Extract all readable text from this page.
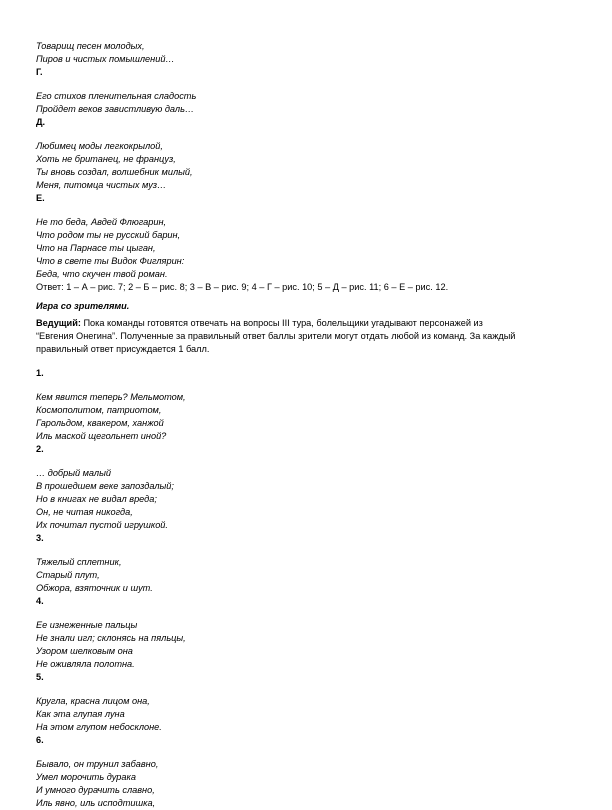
Товарищ песен молодых,
Пиров и чистых помышлений…
Г.
Его стихов пленительная сладость
Пройдет веков завистливую даль…
Д.
Любимец моды легкокрылой,
Хоть не британец, не француз,
Ты вновь создал, волшебник милый,
Меня, питомца чистых муз…
Е.
Не то беда, Авдей Флюгарин,
Что родом ты не русский барин,
Что на Парнасе ты цыган,
Что в свете ты Видок Фиглярин:
Беда, что скучен твой роман.
Ответ: 1 – А – рис. 7; 2 – Б – рис. 8; 3 – В – рис. 9; 4 – Г – рис. 10; 5 – Д – рис. 11; 6 – Е – рис. 12.
Игра со зрителями.
Ведущий: Пока команды готовятся отвечать на вопросы III тура, болельщики угадывают персонажей из
“Евгения Онегина”. Полученные за правильный ответ баллы зрители могут отдать любой из команд. За каждый
правильный ответ присуждается 1 балл.
1.
Кем явится теперь? Мельмотом,
Космополитом, патриотом,
Гарольдом, квакером, ханжой
Иль маской щегольнет иной?
2.
… добрый малый
В прошедшем веке запоздалый;
Но в книгах не видал вреда;
Он, не читая никогда,
Их почитал пустой игрушкой.
3.
Тяжелый сплетник,
Старый плут,
Обжора, взяточник и шут.
4.
Ее изнеженные пальцы
Не знали игл; склонясь на пяльцы,
Узором шелковым она
Не оживляла полотна.
5.
Кругла, красна лицом она,
Как эта глупая луна
На этом глупом небосклоне.
6.
Бывало, он трунил забавно,
Умел морочить дурака
И умного дурачить славно,
Иль явно, иль исподтишка,
